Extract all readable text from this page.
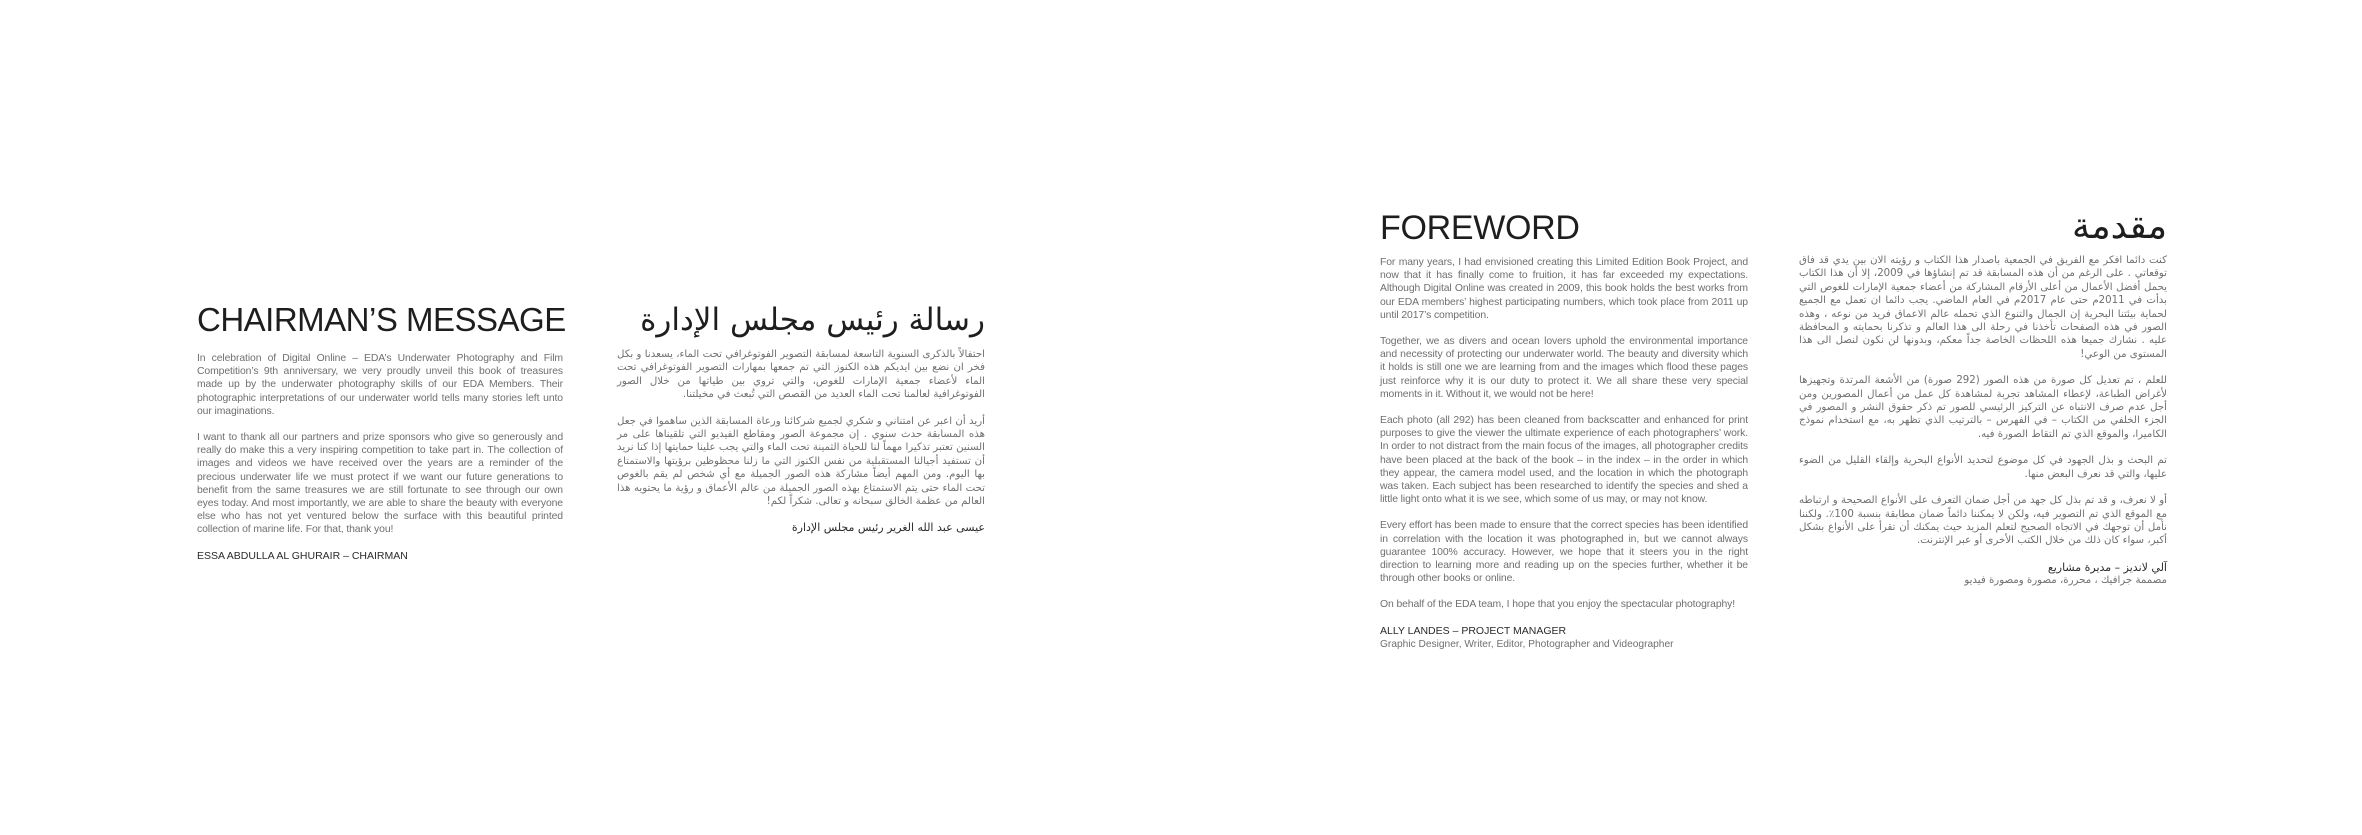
CHAIRMAN’S MESSAGE

In celebration of Digital Online – EDA’s Underwater Photography and Film Competition’s 9th anniversary, we very proudly unveil this book of treasures made up by the underwater photography skills of our EDA Members. Their photographic interpretations of our underwater world tells many stories left unto our imaginations.

I want to thank all our partners and prize sponsors who give so generously and really do make this a very inspiring competition to take part in. The collection of images and videos we have received over the years are a reminder of the precious underwater life we must protect if we want our future generations to benefit from the same treasures we are still fortunate to see through our own eyes today. And most importantly, we are able to share the beauty with everyone else who has not yet ventured below the surface with this beautiful printed collection of marine life. For that, thank you!

ESSA ABDULLA AL GHURAIR – CHAIRMAN
رسالة رئيس مجلس الإدارة

احتفالاً بالذكرى السنوية التاسعة لمسابقة التصوير الفوتوغرافي تحت الماء، يسعدنا و بكل فخر ان نضع بين ايديكم هذه الكنوز التي تم جمعها بمهارات التصوير الفوتوغرافي تحت الماء لأعضاء جمعية الإمارات للغوص، والتي تروي بين طياتها من خلال الصور الفوتوغرافية لعالمنا تحت الماء العديد من القصص التي تُبعث في مخيلتنا.

أريد أن اعبر عن امتناني و شكري لجميع شركائنا ورعاة المسابقة الذين ساهموا في جعل هذه المسابقة حدث سنوي . إن مجموعة الصور ومقاطع الفيديو التي تلقيناها على مر السنين تعتبر تذكيرا مهماً لنا للحياة الثمينة تحت الماء والتي يجب علينا حمايتها إذا كنا نريد أن تستفيد أجيالنا المستقبلية من نفس الكنوز التي ما زلنا محظوظين برؤيتها والاستمتاع بها اليوم. ومن المهم أيضاً مشاركة هذه الصور الجميلة مع أي شخص لم يقم بالغوص تحت الماء حتى يتم الاستمتاع بهذه الصور الجميلة من عالم الأعماق و رؤية ما يحتويه هذا العالم من عظمة الخالق سبحانه و تعالى. شكراً لكم!

عيسى عبد الله الغرير رئيس مجلس الإدارة
FOREWORD

For many years, I had envisioned creating this Limited Edition Book Project, and now that it has finally come to fruition, it has far exceeded my expectations. Although Digital Online was created in 2009, this book holds the best works from our EDA members’ highest participating numbers, which took place from 2011 up until 2017’s competition.

Together, we as divers and ocean lovers uphold the environmental importance and necessity of protecting our underwater world. The beauty and diversity which it holds is still one we are learning from and the images which flood these pages just reinforce why it is our duty to protect it. We all share these very special moments in it. Without it, we would not be here!

Each photo (all 292) has been cleaned from backscatter and enhanced for print purposes to give the viewer the ultimate experience of each photographers’ work. In order to not distract from the main focus of the images, all photographer credits have been placed at the back of the book – in the index – in the order in which they appear, the camera model used, and the location in which the photograph was taken. Each subject has been researched to identify the species and shed a little light onto what it is we see, which some of us may, or may not know.

Every effort has been made to ensure that the correct species has been identified in correlation with the location it was photographed in, but we cannot always guarantee 100% accuracy. However, we hope that it steers you in the right direction to learning more and reading up on the species further, whether it be through other books or online.

On behalf of the EDA team, I hope that you enjoy the spectacular photography!

ALLY LANDES – PROJECT MANAGER
Graphic Designer, Writer, Editor, Photographer and Videographer
مقدمة

كنت دائما افكر مع الفريق في الجمعية باصدار هذا الكتاب و رؤيته الان بين يدي قد فاق توقعاتي . على الرغم من أن هذه المسابقة قد تم إنشاؤها في 2009، إلا أن هذا الكتاب يحمل أفضل الأعمال من أعلى الأرقام المشاركة من أعضاء جمعية الإمارات للغوص التي بدأت في 2011م حتى عام 2017م في العام الماضي. يجب دائما ان تعمل مع الجميع لحماية بيئتنا البحرية إن الجمال والتنوع الذي تحمله عالم الاعماق فريد من نوعه ، وهذه الصور في هذه الصفحات تأخذنا في رحلة الى هذا العالم و تذكرنا بحمايته و المحافظة عليه . نشارك جميعا هذه اللحظات الخاصة جداً معكم، وبدونها لن نكون لنصل الى هذا المستوى من الوعي!

للعلم ، تم تعديل كل صورة من هذه الصور (292 صورة) من الأشعة المرتدة وتجهيزها لأغراض الطباعة، لإعطاء المشاهد تجربة لمشاهدة كل عمل من أعمال المصورين ومن أجل عدم صرف الانتباه عن التركيز الرئيسي للصور تم ذكر حقوق النشر و المصور في الجزء الخلفي من الكتاب – في الفهرس – بالترتيب الذي تظهر به، مع استخدام نموذج الكاميرا، والموقع الذي تم التقاط الصورة فيه.

تم البحث و بذل الجهود في كل موضوع لتحديد الأنواع البحرية وإلقاء القليل من الضوء عليها، والتي قد نعرف البعض منها.

أو لا نعرف، و قد تم بذل كل جهد من أجل ضمان التعرف على الأنواع الصحيحة و ارتباطه مع الموقع الذي تم التصوير فيه، ولكن لا يمكننا دائماً ضمان مطابقة بنسبة 100٪. ولكننا نأمل أن توجهك في الاتجاه الصحيح لتعلم المزيد حيث يمكنك أن تقرأ على الأنواع بشكل أكبر، سواء كان ذلك من خلال الكتب الأخرى أو عبر الإنترنت.

آلي لانديز – مديرة مشاريع
مصممة جرافيك ، محررة، مصورة ومصورة فيديو
